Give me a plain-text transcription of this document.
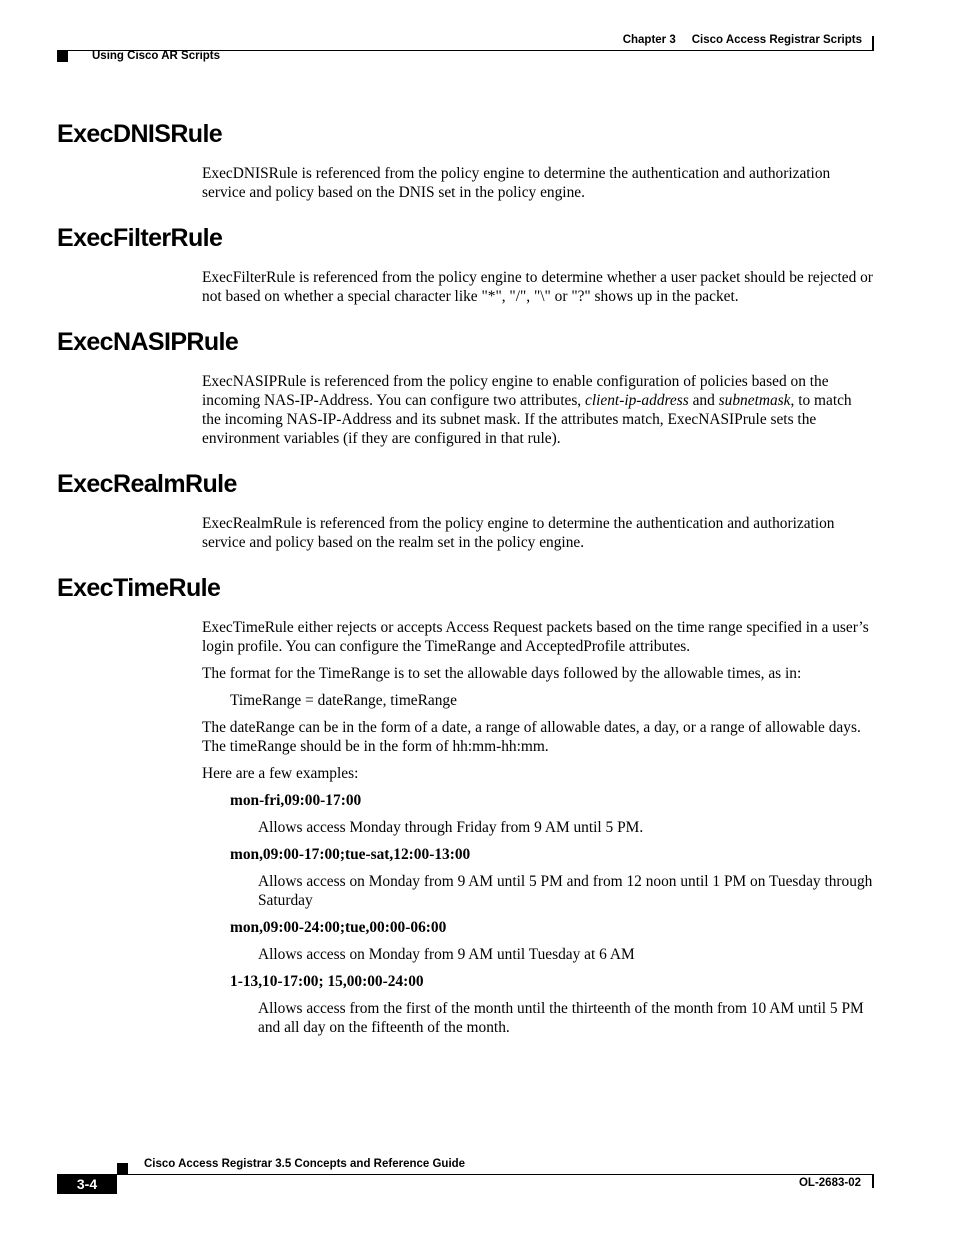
Chapter 3 Cisco Access Registrar Scripts
Using Cisco AR Scripts
ExecDNISRule

ExecDNISRule is referenced from the policy engine to determine the authentication and authorization service and policy based on the DNIS set in the policy engine.

ExecFilterRule

ExecFilterRule is referenced from the policy engine to determine whether a user packet should be rejected or not based on whether a special character like "*", "/", "\" or "?" shows up in the packet.

ExecNASIPRule

ExecNASIPRule is referenced from the policy engine to enable configuration of policies based on the incoming NAS-IP-Address. You can configure two attributes, client-ip-address and subnetmask, to match the incoming NAS-IP-Address and its subnet mask. If the attributes match, ExecNASIPrule sets the environment variables (if they are configured in that rule).

ExecRealmRule

ExecRealmRule is referenced from the policy engine to determine the authentication and authorization service and policy based on the realm set in the policy engine.

ExecTimeRule

ExecTimeRule either rejects or accepts Access Request packets based on the time range specified in a user’s login profile. You can configure the TimeRange and AcceptedProfile attributes.

The format for the TimeRange is to set the allowable days followed by the allowable times, as in:

TimeRange = dateRange, timeRange

The dateRange can be in the form of a date, a range of allowable dates, a day, or a range of allowable days. The timeRange should be in the form of hh:mm-hh:mm.

Here are a few examples:

mon-fri,09:00-17:00

Allows access Monday through Friday from 9 AM until 5 PM.

mon,09:00-17:00;tue-sat,12:00-13:00

Allows access on Monday from 9 AM until 5 PM and from 12 noon until 1 PM on Tuesday through Saturday

mon,09:00-24:00;tue,00:00-06:00

Allows access on Monday from 9 AM until Tuesday at 6 AM

1-13,10-17:00; 15,00:00-24:00

Allows access from the first of the month until the thirteenth of the month from 10 AM until 5 PM and all day on the fifteenth of the month.

Cisco Access Registrar 3.5 Concepts and Reference Guide
3-4	OL-2683-02
